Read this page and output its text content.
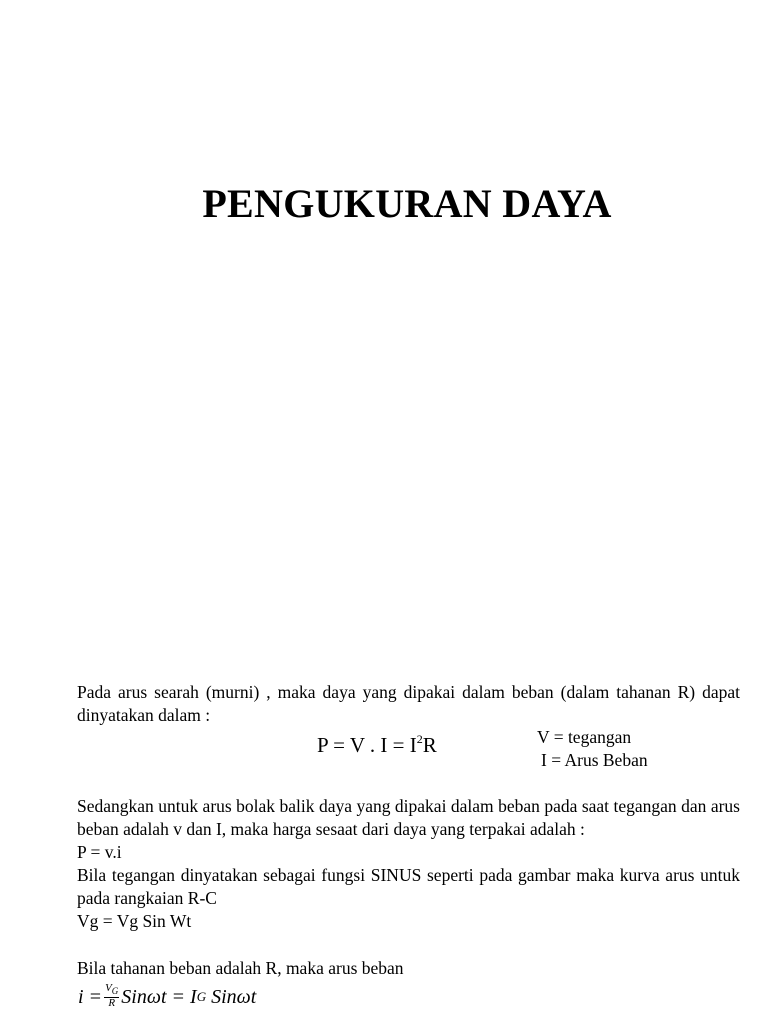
PENGUKURAN DAYA
Pada arus searah (murni) , maka daya yang dipakai dalam beban (dalam tahanan R) dapat dinyatakan dalam :
P = V . $I = I^2R$	V = tegangan
I = Arus Beban
Sedangkan untuk arus bolak balik daya yang dipakai dalam beban pada saat tegangan dan arus beban adalah v dan I, maka harga sesaat dari daya yang terpakai adalah :
P = v.i
Bila tegangan dinyatakan sebagai fungsi SINUS seperti pada gambar maka kurva arus untuk pada rangkaian R-C
Vg = Vg Sin Wt
Bila tahanan beban adalah R, maka arus beban
$i = \frac{V_G}{R}$ Sinωt = I G
Sinωt
